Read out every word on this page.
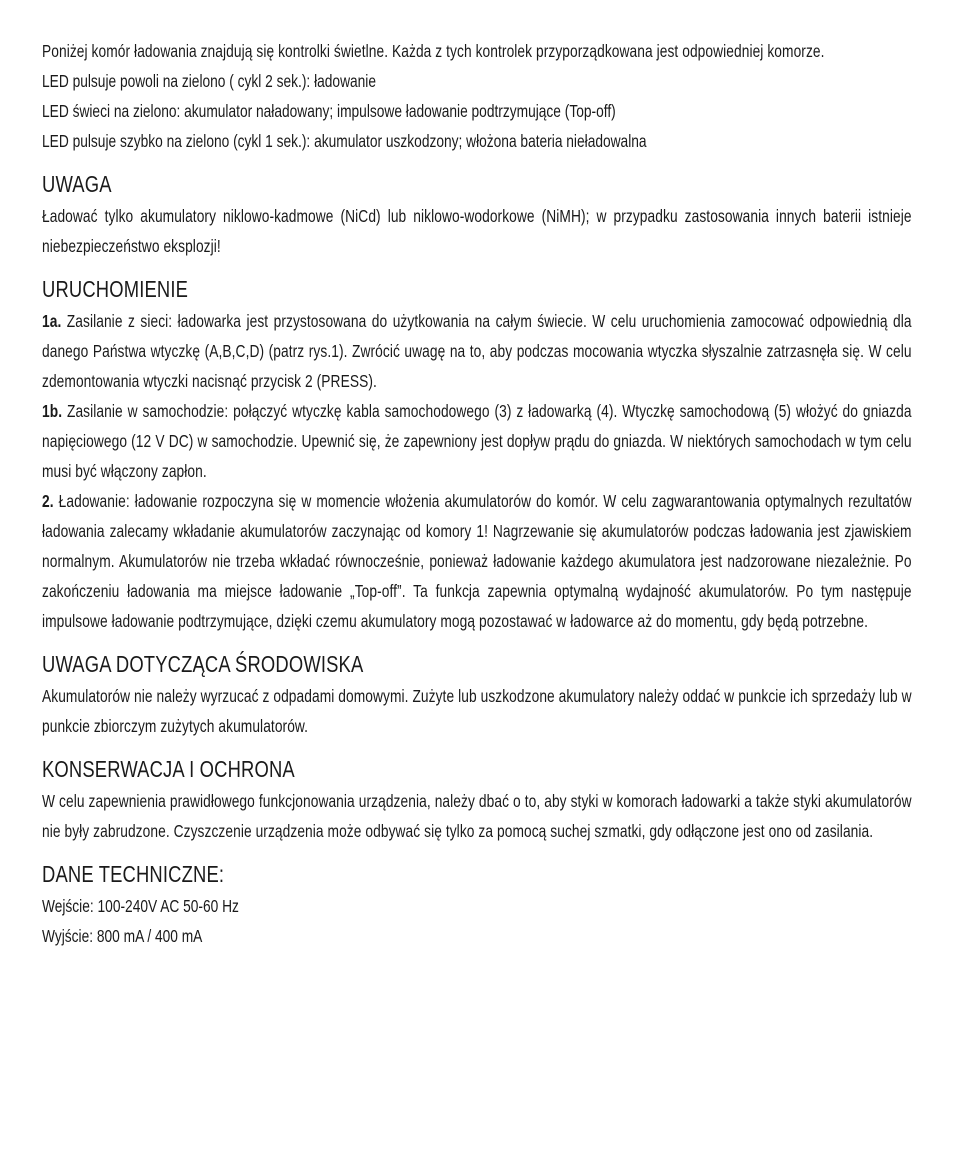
Poniżej komór ładowania znajdują się kontrolki świetlne. Każda z tych kontrolek przyporządkowana jest odpowiedniej komorze.

LED pulsuje powoli na zielono ( cykl 2 sek.): ładowanie

LED świeci na zielono: akumulator naładowany; impulsowe ładowanie podtrzymujące (Top-off)

LED pulsuje szybko na zielono (cykl 1 sek.): akumulator uszkodzony; włożona bateria niеładowalna

UWAGA

Ładować tylko akumulatory niklowo-kadmowe (NiCd) lub niklowo-wodorkowe (NiMH); w przypadku zastosowania innych baterii istnieje niebezpieczeństwo eksplozji!

URUCHOMIENIE

1a. Zasilanie z sieci: ładowarka jest przystosowana do użytkowania na całym świecie. W celu uruchomienia zamocować odpowiednią dla danego Państwa wtyczkę (A,B,C,D) (patrz rys.1). Zwrócić uwagę na to, aby podczas mocowania wtyczka słyszalnie zatrzasnęła się. W celu zdemontowania wtyczki nacisnąć przycisk 2 (PRESS).

1b. Zasilanie w samochodzie: połączyć wtyczkę kabla samochodowego (3) z ładowarką (4). Wtyczkę samochodową (5) włożyć do gniazda napięciowego (12 V DC) w samochodzie. Upewnić się, że zapewniony jest dopływ prądu do gniazda. W niektórych samochodach w tym celu musi być włączony zapłon.

2. Ładowanie: ładowanie rozpoczyna się w momencie włożenia akumulatorów do komór. W celu zagwarantowania optymalnych rezultatów ładowania zalecamy wkładanie akumulatorów zaczynając od komory 1! Nagrzewanie się akumulatorów podczas ładowania jest zjawiskiem normalnym. Akumulatorów nie trzeba wkładać równocześnie, ponieważ ładowanie każdego akumulatora jest nadzorowane niezależnie. Po zakończeniu ładowania ma miejsce ładowanie „Top-off”. Ta funkcja zapewnia optymalną wydajność akumulatorów. Po tym następuje impulsowe ładowanie podtrzymujące, dzięki czemu akumulatory mogą pozostawać w ładowarce aż do momentu, gdy będą potrzebne.

UWAGA DOTYCZĄCA ŚRODOWISKA

Akumulatorów nie należy wyrzucać z odpadami domowymi. Zużyte lub uszkodzone akumulatory należy oddać w punkcie ich sprzedaży lub w punkcie zbiorczym zużytych akumulatorów.

KONSERWACJA I OCHRONA

W celu zapewnienia prawidłowego funkcjonowania urządzenia, należy dbać o to, aby styki w komorach ładowarki a także styki akumulatorów nie były zabrudzone. Czyszczenie urządzenia może odbywać się tylko za pomocą suchej szmatki, gdy odłączone jest ono od zasilania.

DANE TECHNICZNE:

Wejście: 100-240V AC 50-60 Hz

Wyjście: 800 mA / 400 mA
